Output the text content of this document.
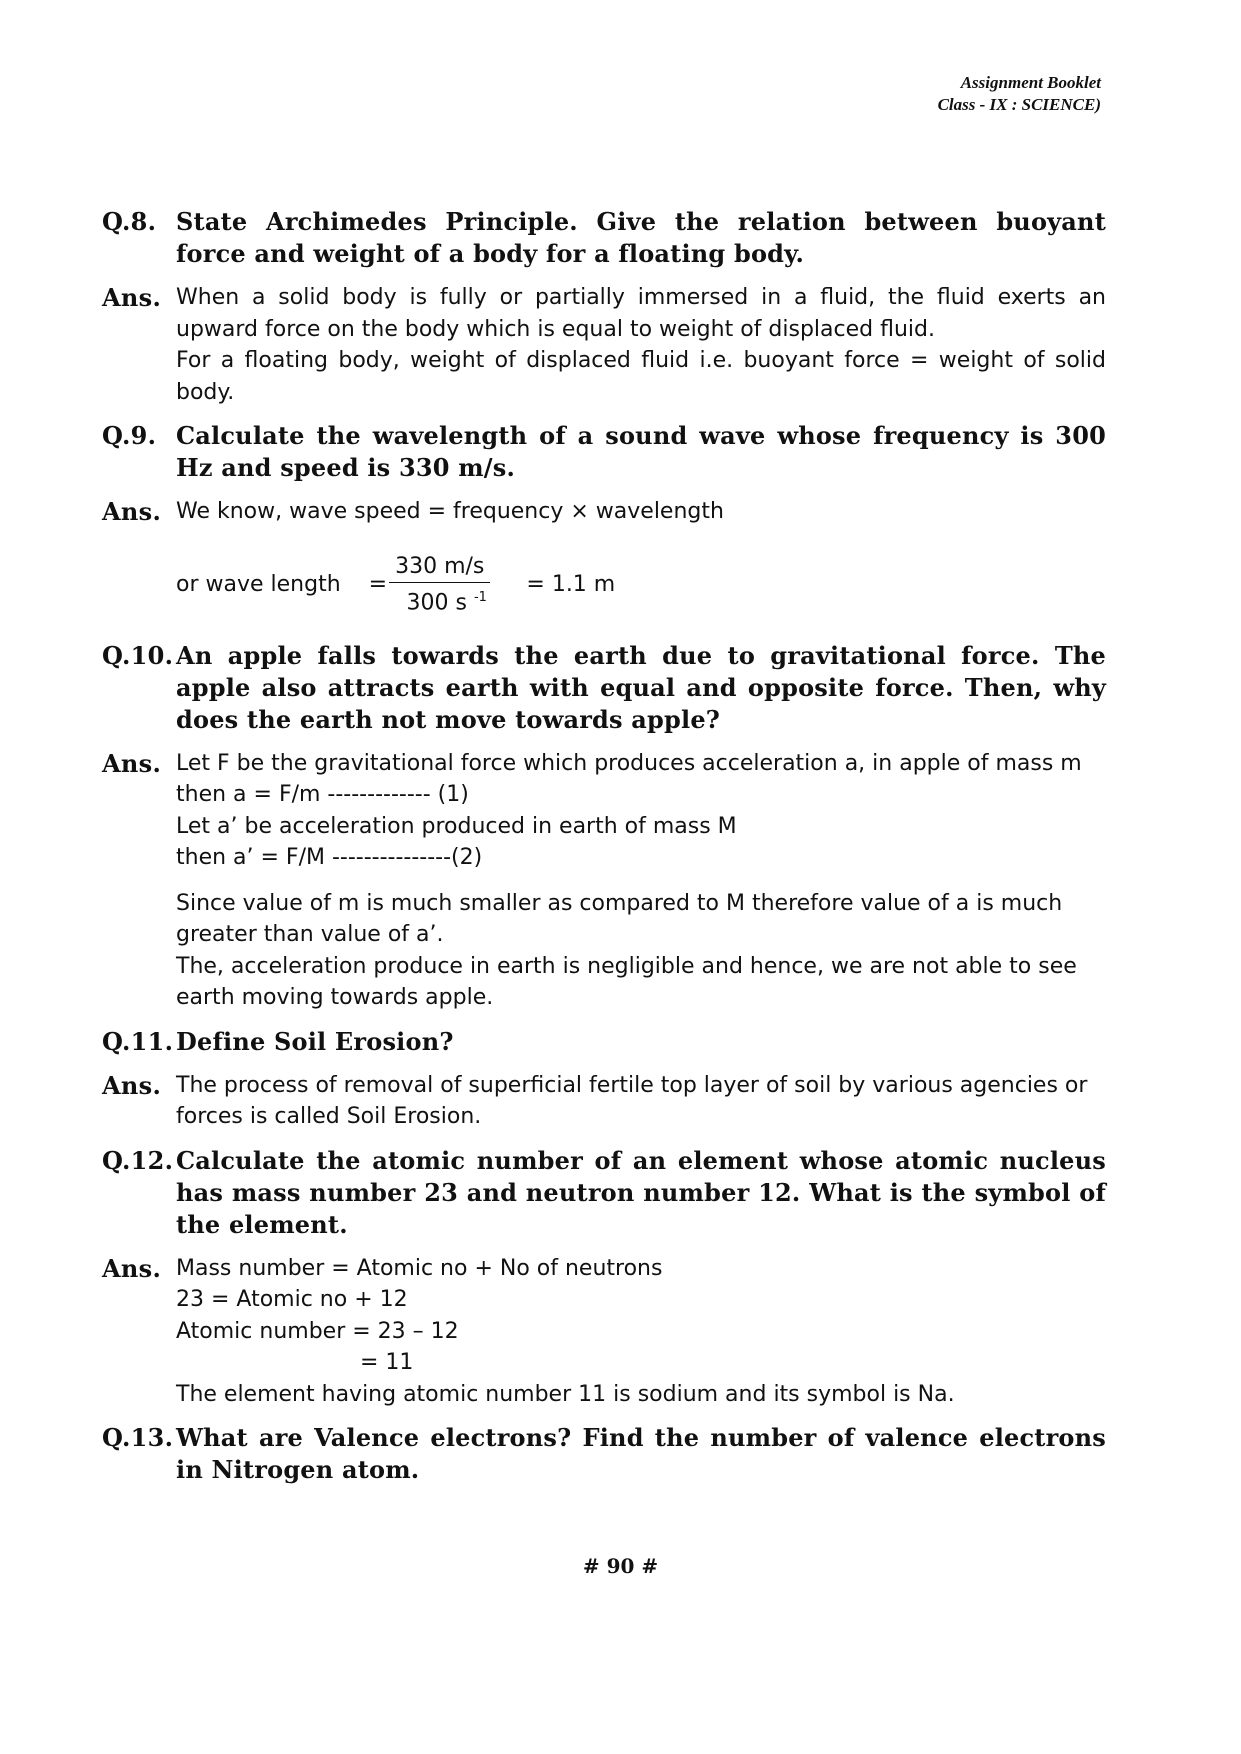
Assignment Booklet
Class - IX : SCIENCE)
Q.8. State Archimedes Principle. Give the relation between buoyant force and weight of a body for a floating body.
Ans. When a solid body is fully or partially immersed in a fluid, the fluid exerts an upward force on the body which is equal to weight of displaced fluid.
For a floating body, weight of displaced fluid i.e. buoyant force = weight of solid body.
Q.9. Calculate the wavelength of a sound wave whose frequency is 300 Hz and speed is 330 m/s.
Ans. We know, wave speed = frequency × wavelength
or wave length = $\frac{330 m/s}{300 s ^{-1}} = 1.1$ m
Q.10. An apple falls towards the earth due to gravitational force. The apple also attracts earth with equal and opposite force. Then, why does the earth not move towards apple?
Ans. Let F be the gravitational force which produces acceleration a, in apple of mass m
then a = F/m ------------- (1)
Let a’ be acceleration produced in earth of mass M
then a’ = F/M ---------------(2)
Since value of m is much smaller as compared to M therefore value of a is much
greater than value of a’.
The, acceleration produce in earth is negligible and hence, we are not able to see
earth moving towards apple.
Q.11. Define Soil Erosion?
Ans. The process of removal of superficial fertile top layer of soil by various agencies or
forces is called Soil Erosion.
Q.12. Calculate the atomic number of an element whose atomic nucleus has mass number 23 and neutron number 12. What is the symbol of the element.
Ans. Mass number = Atomic no + No of neutrons
23 = Atomic no + 12
Atomic number = 23 – 12
= 11
The element having atomic number 11 is sodium and its symbol is Na.
Q.13. What are Valence electrons? Find the number of valence electrons in Nitrogen atom.
# 90 #
